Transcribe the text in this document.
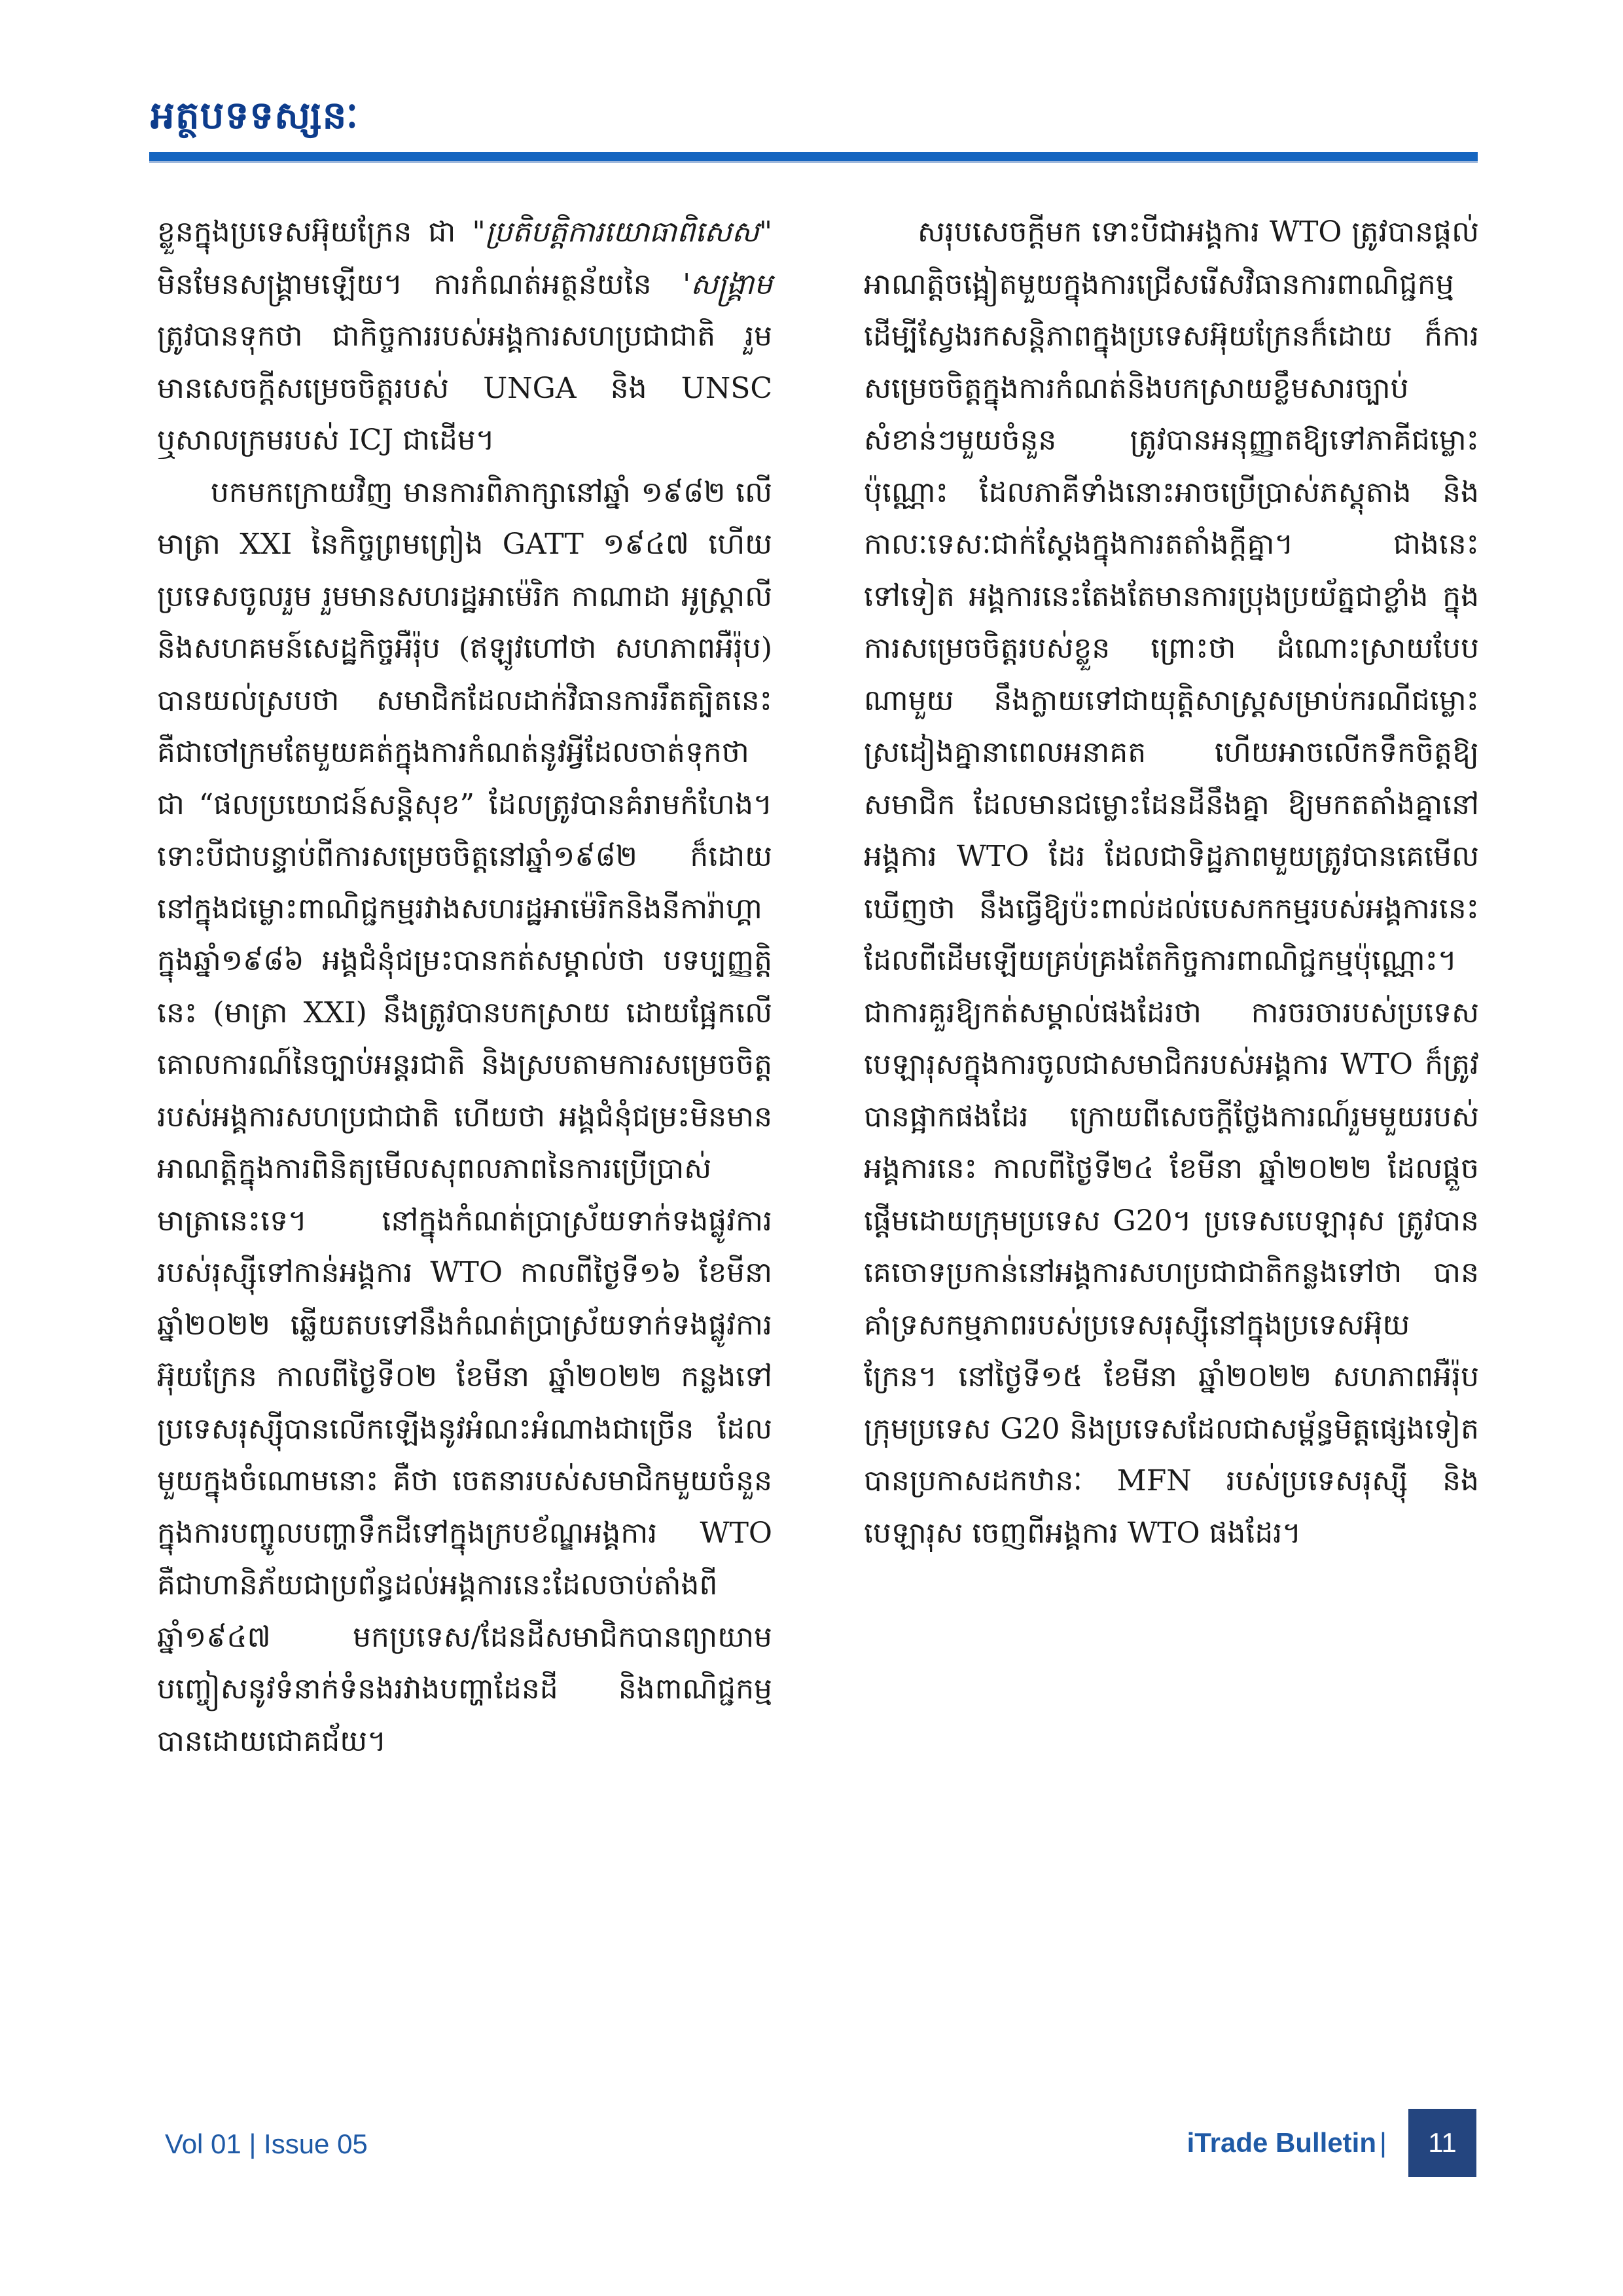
អត្ថបទទស្សនៈ

ខ្លួនក្នុងប្រទេសអ៊ុយក្រែន ជា "ប្រតិបត្តិការយោធាពិសេស" មិនមែនសង្គ្រាមឡើយ។ ការកំណត់អត្ថន័យនៃ 'សង្គ្រាម ត្រូវបានទុកថា ជាកិច្ចការរបស់អង្គការសហប្រជាជាតិ រួមមានសេចក្ដីសម្រេចចិត្តរបស់ UNGA និង UNSC ឬសាលក្រមរបស់ ICJ ជាដើម។

បកមកក្រោយវិញ មានការពិភាក្សានៅឆ្នាំ ១៩៨២ លើមាត្រា XXI នៃកិច្ចព្រមព្រៀង GATT ១៩៤៧ ហើយប្រទេសចូលរួម រួមមានសហរដ្ឋអាម៉េរិក កាណាដា អូស្ត្រាលី និងសហគមន៍សេដ្ឋកិច្ចអឺរ៉ុប (ឥឡូវហៅថា សហភាពអឺរ៉ុប) បានយល់ស្របថា សមាជិកដែលដាក់វិធានការរឹតត្បិតនេះគឺជាចៅក្រមតែមួយគត់ក្នុងការកំណត់នូវអ្វីដែលចាត់ទុកថាជា “ផលប្រយោជន៍សន្តិសុខ” ដែលត្រូវបានគំរាមកំហែង។ទោះបីជាបន្ទាប់ពីការសម្រេចចិត្តនៅឆ្នាំ១៩៨២ ក៏ដោយ នៅក្នុងជម្លោះពាណិជ្ជកម្មរវាងសហរដ្ឋអាម៉េរិកនិងនីការ៉ាហ្គា ក្នុងឆ្នាំ១៩៨៦ អង្គជំនុំជម្រះបានកត់សម្គាល់ថា បទប្បញ្ញត្តិនេះ (មាត្រា XXI) នឹងត្រូវបានបកស្រាយ ដោយផ្អែកលើគោលការណ៍នៃច្បាប់អន្តរជាតិ និងស្របតាមការសម្រេចចិត្តរបស់អង្គការសហប្រជាជាតិ ហើយថា អង្គជំនុំជម្រះមិនមានអាណត្តិក្នុងការពិនិត្យមើលសុពលភាពនៃការប្រើប្រាស់មាត្រានេះទេ។ នៅក្នុងកំណត់ប្រាស្រ័យទាក់ទងផ្លូវការរបស់រុស្ស៊ីទៅកាន់អង្គការ WTO កាលពីថ្ងៃទី១៦ ខែមីនា ឆ្នាំ២០២២ ឆ្លើយតបទៅនឹងកំណត់ប្រាស្រ័យទាក់ទងផ្លូវការអ៊ុយក្រែន កាលពីថ្ងៃទី០២ ខែមីនា ឆ្នាំ២០២២ កន្លងទៅ ប្រទេសរុស្ស៊ីបានលើកឡើងនូវអំណះអំណាងជាច្រើន ដែលមួយក្នុងចំណោមនោះ គឺថា ចេតនារបស់សមាជិកមួយចំនួនក្នុងការបញ្ចូលបញ្ហាទឹកដីទៅក្នុងក្របខ័ណ្ឌអង្គការ WTO គឺជាហានិភ័យជាប្រព័ន្ធដល់អង្គការនេះដែលចាប់តាំងពីឆ្នាំ១៩៤៧ មកប្រទេស/ដែនដីសមាជិកបានព្យាយាមបញ្ចៀសនូវទំនាក់ទំនងរវាងបញ្ហាដែនដី និងពាណិជ្ជកម្ម បានដោយជោគជ័យ។

សរុបសេចក្ដីមក ទោះបីជាអង្គការ WTO ត្រូវបានផ្ដល់អាណត្តិចង្អៀតមួយក្នុងការជ្រើសរើសវិធានការពាណិជ្ជកម្មដើម្បីស្វែងរកសន្តិភាពក្នុងប្រទេសអ៊ុយក្រែនក៏ដោយ ក៏ការសម្រេចចិត្តក្នុងការកំណត់និងបកស្រាយខ្លឹមសារច្បាប់សំខាន់ៗមួយចំនួន ត្រូវបានអនុញ្ញាតឱ្យទៅភាគីជម្លោះប៉ុណ្ណោះ ដែលភាគីទាំងនោះអាចប្រើប្រាស់ភស្តុតាង និងកាលៈទេសៈជាក់ស្ដែងក្នុងការតតាំងក្ដីគ្នា។ ជាងនេះទៅទៀត អង្គការនេះតែងតែមានការប្រុងប្រយ័ត្នជាខ្លាំង ក្នុងការសម្រេចចិត្តរបស់ខ្លួន ព្រោះថា ដំណោះស្រាយបែបណាមួយ នឹងក្លាយទៅជាយុត្តិសាស្ត្រសម្រាប់ករណីជម្លោះស្រដៀងគ្នានាពេលអនាគត ហើយអាចលើកទឹកចិត្តឱ្យសមាជិក ដែលមានជម្លោះដែនដីនឹងគ្នា ឱ្យមកតតាំងគ្នានៅអង្គការ WTO ដែរ ដែលជាទិដ្ឋភាពមួយត្រូវបានគេមើលឃើញថា នឹងធ្វើឱ្យប៉ះពាល់ដល់បេសកកម្មរបស់អង្គការនេះ ដែលពីដើមឡើយគ្រប់គ្រងតែកិច្ចការពាណិជ្ជកម្មប៉ុណ្ណោះ។ ជាការគួរឱ្យកត់សម្គាល់ផងដែរថា ការចរចារបស់ប្រទេសបេឡារុសក្នុងការចូលជាសមាជិករបស់អង្គការ WTO ក៏ត្រូវបានផ្អាកផងដែរ ក្រោយពីសេចក្ដីថ្លែងការណ៍រួមមួយរបស់អង្គការនេះ កាលពីថ្ងៃទី២៤ ខែមីនា ឆ្នាំ២០២២ ដែលផ្ដួចផ្ដើមដោយក្រុមប្រទេស G20។ ប្រទេសបេឡារុស ត្រូវបានគេចោទប្រកាន់នៅអង្គការសហប្រជាជាតិកន្លងទៅថា បានគាំទ្រសកម្មភាពរបស់ប្រទេសរុស្ស៊ីនៅក្នុងប្រទេសអ៊ុយក្រែន។ នៅថ្ងៃទី១៥ ខែមីនា ឆ្នាំ២០២២ សហភាពអឺរ៉ុប ក្រុមប្រទេស G20 និងប្រទេសដែលជាសម្ព័ន្ធមិត្តផ្សេងទៀត បានប្រកាសដកឋានៈ MFN របស់ប្រទេសរុស្ស៊ី និងបេឡារុស ចេញពីអង្គការ WTO ផងដែរ។

Vol 01 | Issue 05	iTrade Bulletin | 11
